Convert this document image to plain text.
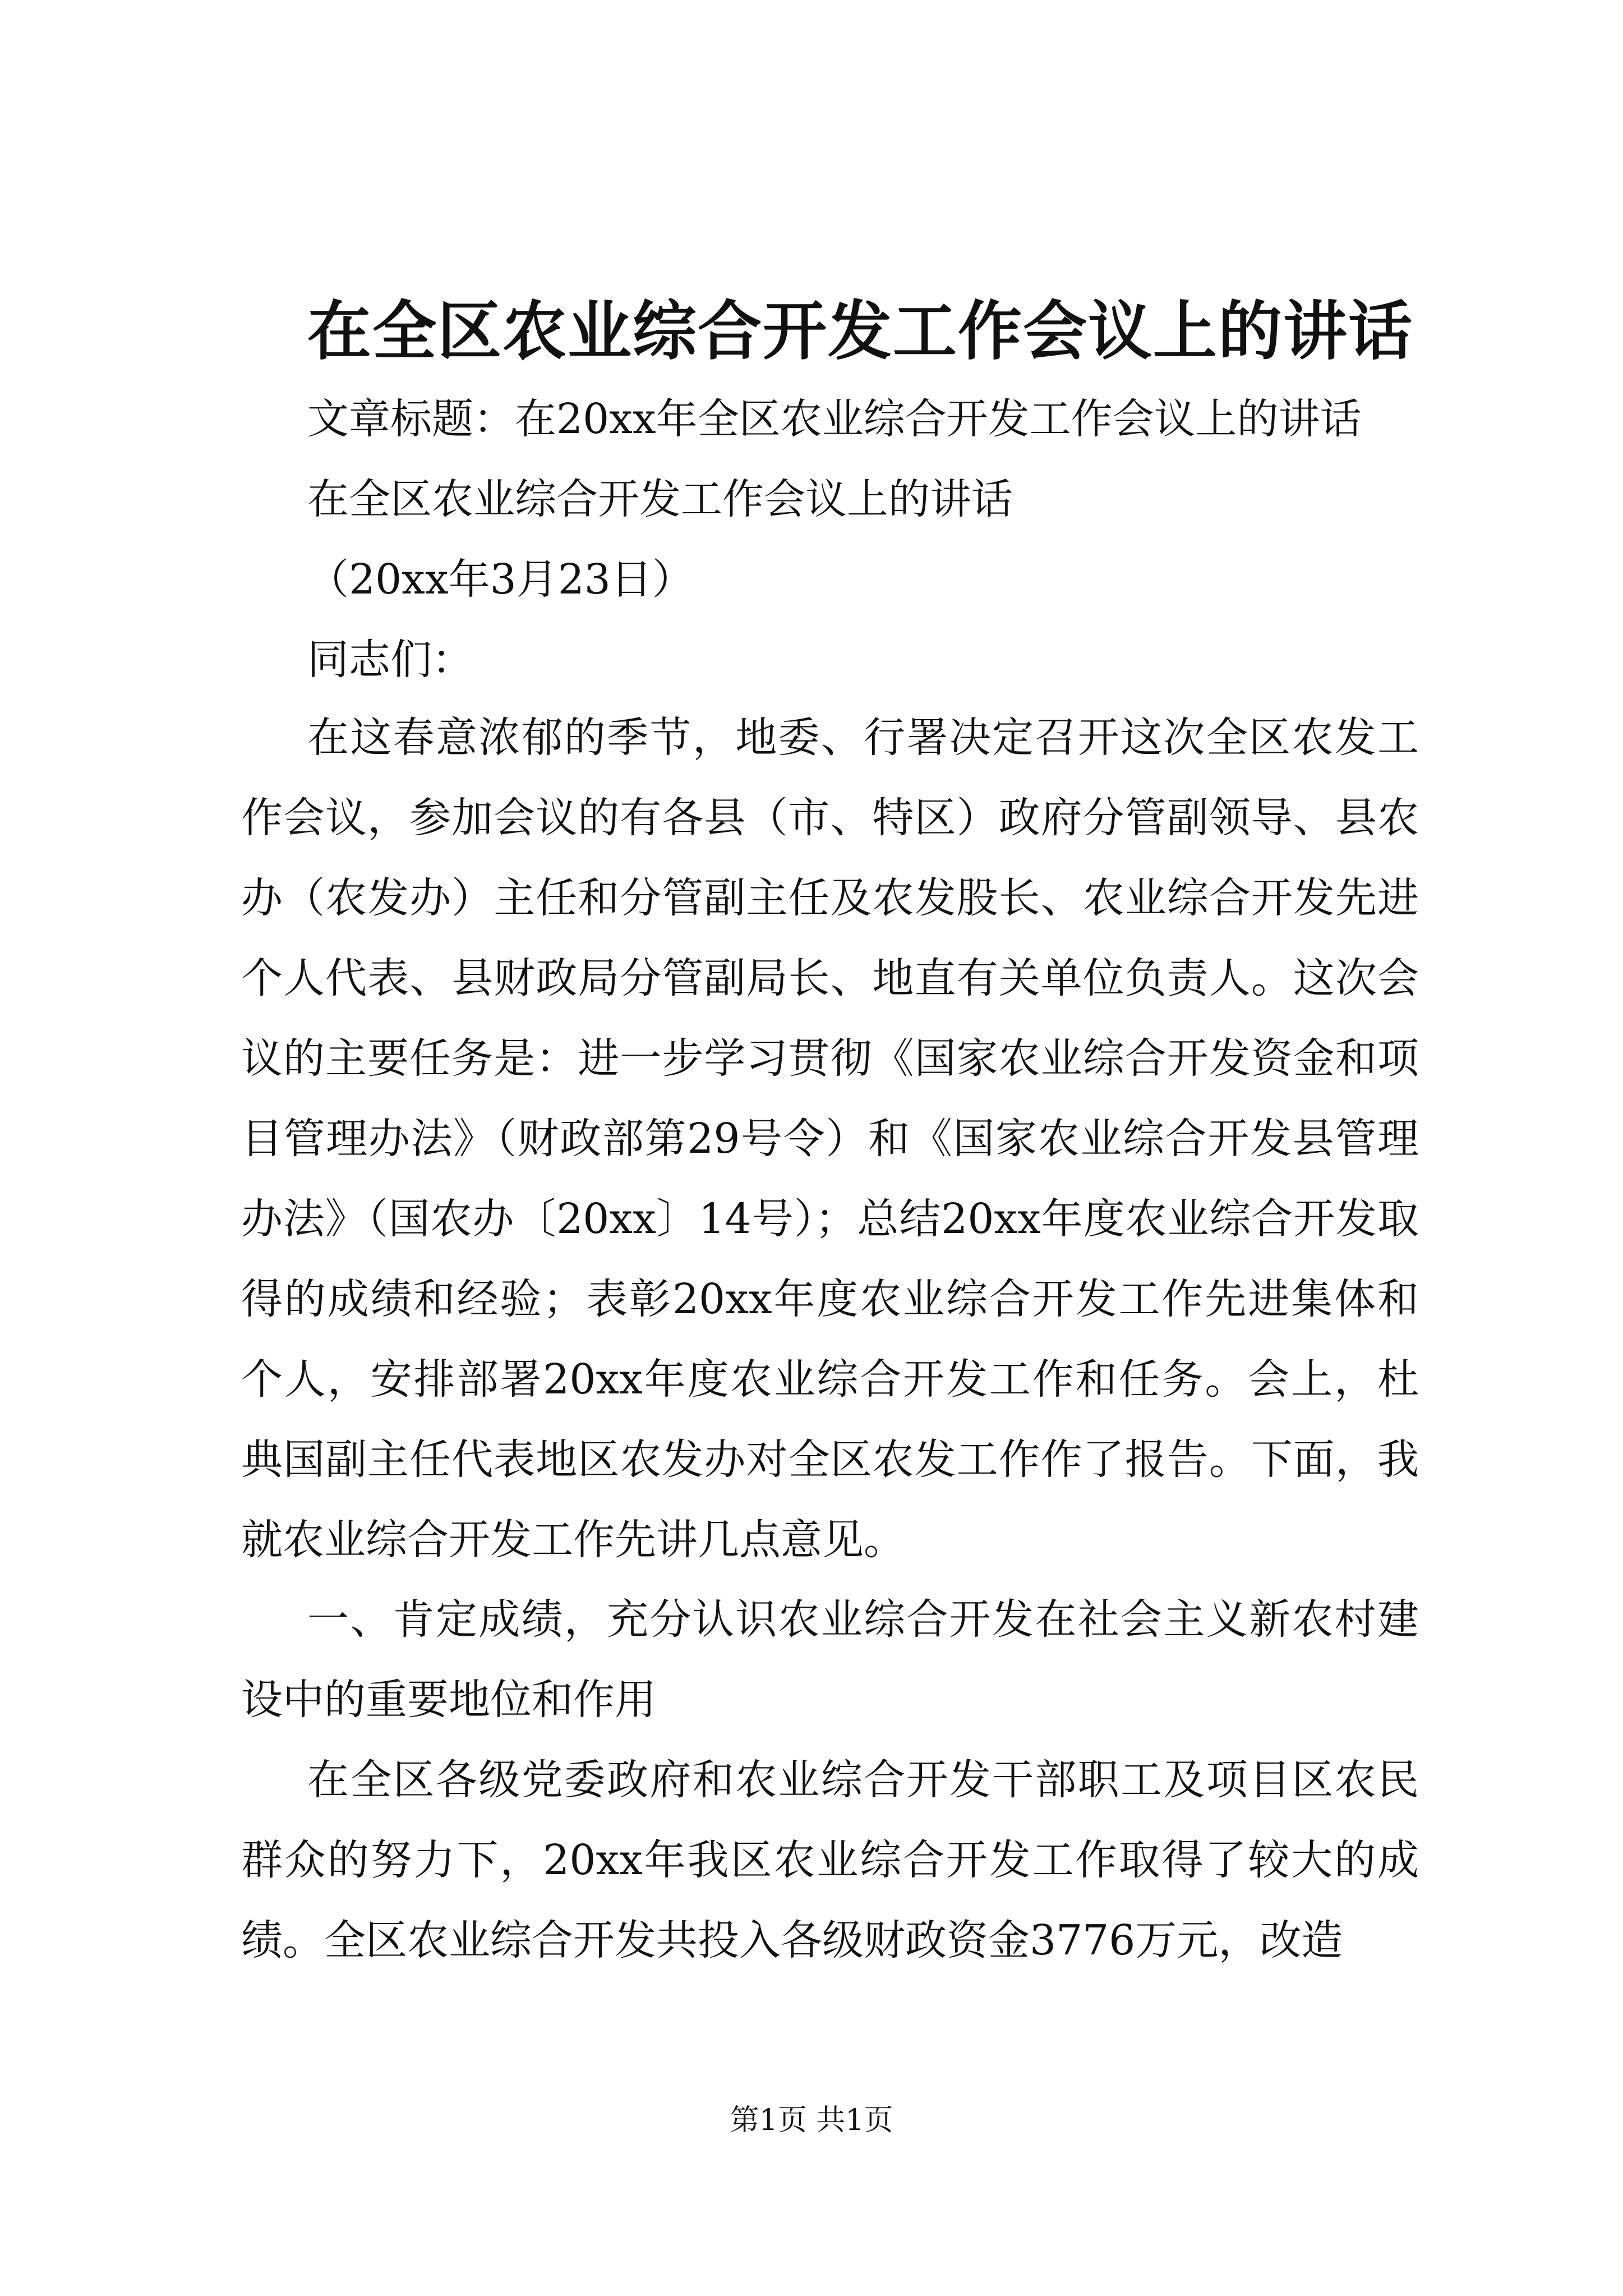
在全区农业综合开发工作会议上的讲话
文章标题：在20xx年全区农业综合开发工作会议上的讲话
在全区农业综合开发工作会议上的讲话
（20xx年3月23日）
同志们：

在这春意浓郁的季节，地委、行署决定召开这次全区农发工作会议，参加会议的有各县（市、特区）政府分管副领导、县农办（农发办）主任和分管副主任及农发股长、农业综合开发先进个人代表、县财政局分管副局长、地直有关单位负责人。这次会议的主要任务是：进一步学习贯彻《国家农业综合开发资金和项目管理办法》（财政部第29号令）和《国家农业综合开发县管理办法》（国农办〔20xx〕14号）；总结20xx年度农业综合开发取得的成绩和经验；表彰20xx年度农业综合开发工作先进集体和个人，安排部署20xx年度农业综合开发工作和任务。会上，杜典国副主任代表地区农发办对全区农发工作作了报告。下面，我就农业综合开发工作先讲几点意见。

一、肯定成绩，充分认识农业综合开发在社会主义新农村建设中的重要地位和作用

在全区各级党委政府和农业综合开发干部职工及项目区农民群众的努力下，20xx年我区农业综合开发工作取得了较大的成绩。全区农业综合开发共投入各级财政资金3776万元，改造

第1页 共1页
